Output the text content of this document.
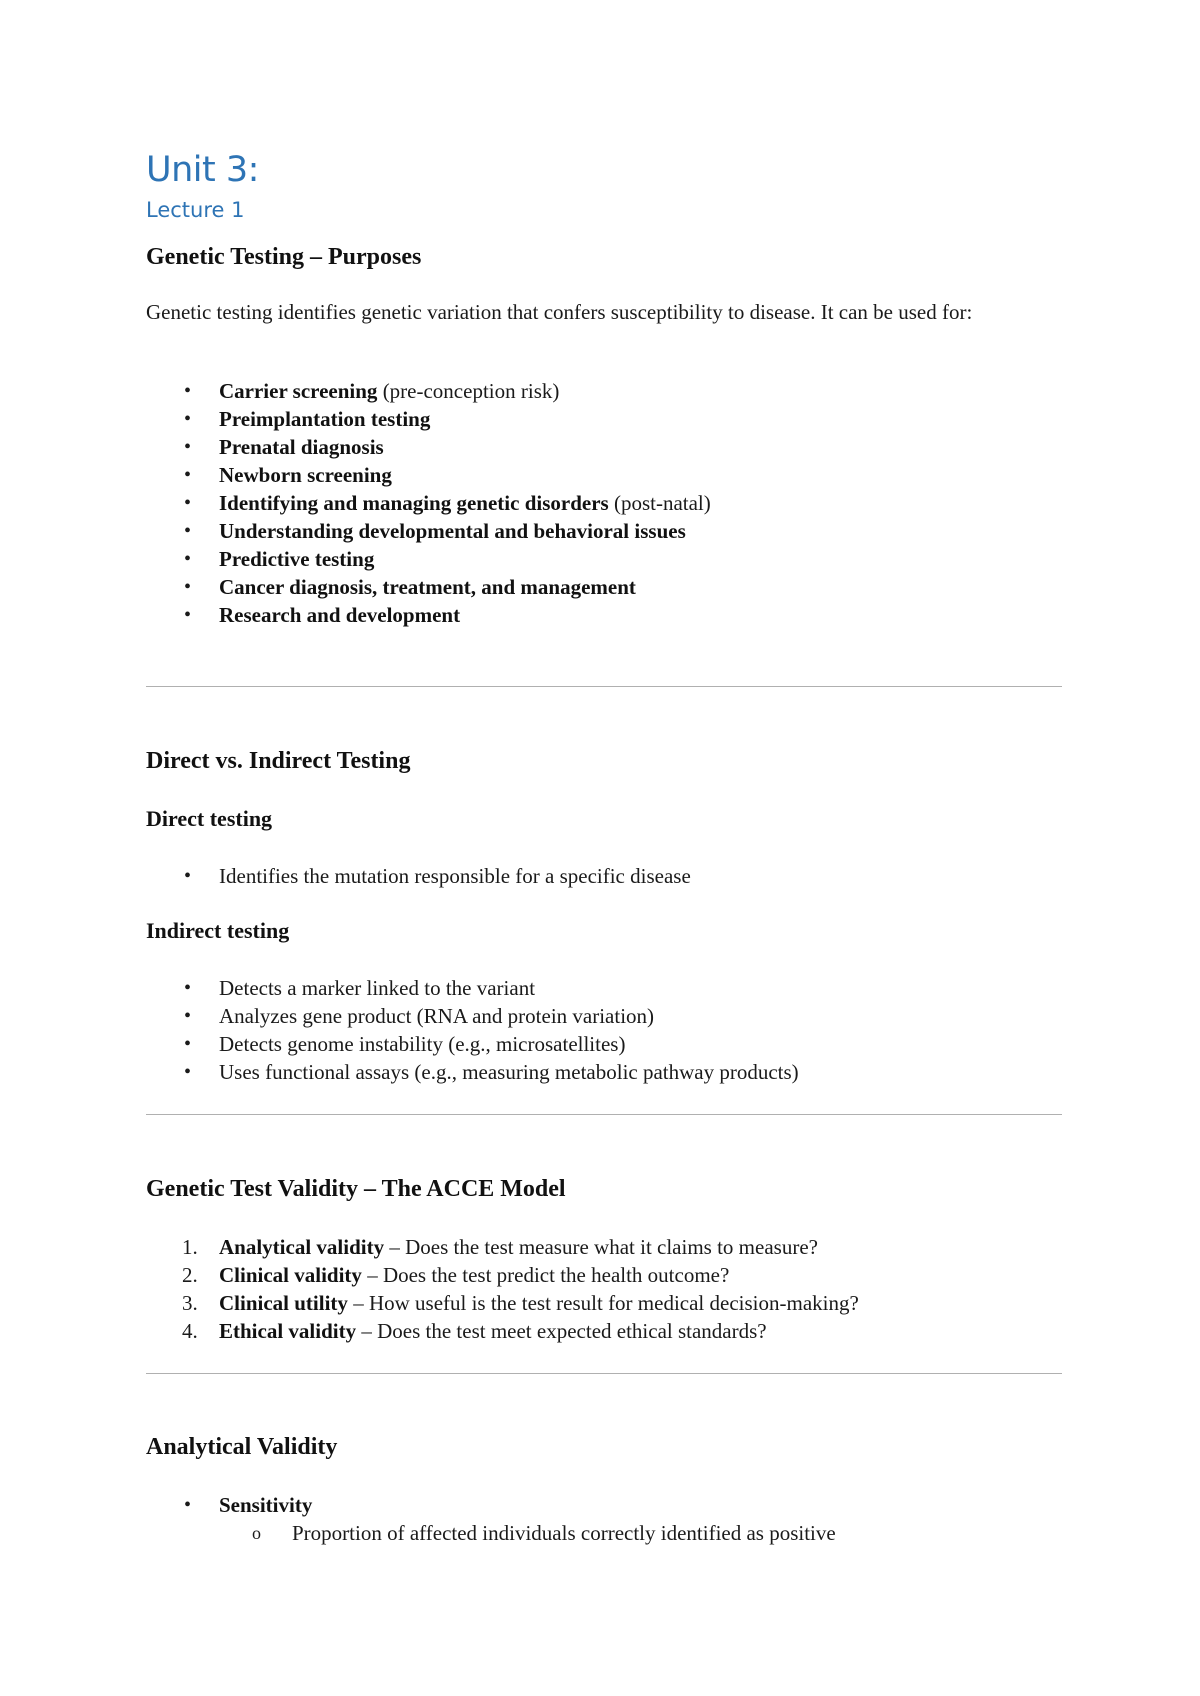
Unit 3:
Lecture 1
Genetic Testing – Purposes

Genetic testing identifies genetic variation that confers susceptibility to disease. It can be used for:

• Carrier screening (pre-conception risk)
• Preimplantation testing
• Prenatal diagnosis
• Newborn screening
• Identifying and managing genetic disorders (post-natal)
• Understanding developmental and behavioral issues
• Predictive testing
• Cancer diagnosis, treatment, and management
• Research and development
Direct vs. Indirect Testing
Direct testing
• Identifies the mutation responsible for a specific disease
Indirect testing
• Detects a marker linked to the variant
• Analyzes gene product (RNA and protein variation)
• Detects genome instability (e.g., microsatellites)
• Uses functional assays (e.g., measuring metabolic pathway products)
Genetic Test Validity – The ACCE Model
1. Analytical validity – Does the test measure what it claims to measure?
2. Clinical validity – Does the test predict the health outcome?
3. Clinical utility – How useful is the test result for medical decision-making?
4. Ethical validity – Does the test meet expected ethical standards?
Analytical Validity
• Sensitivity
o Proportion of affected individuals correctly identified as positive
